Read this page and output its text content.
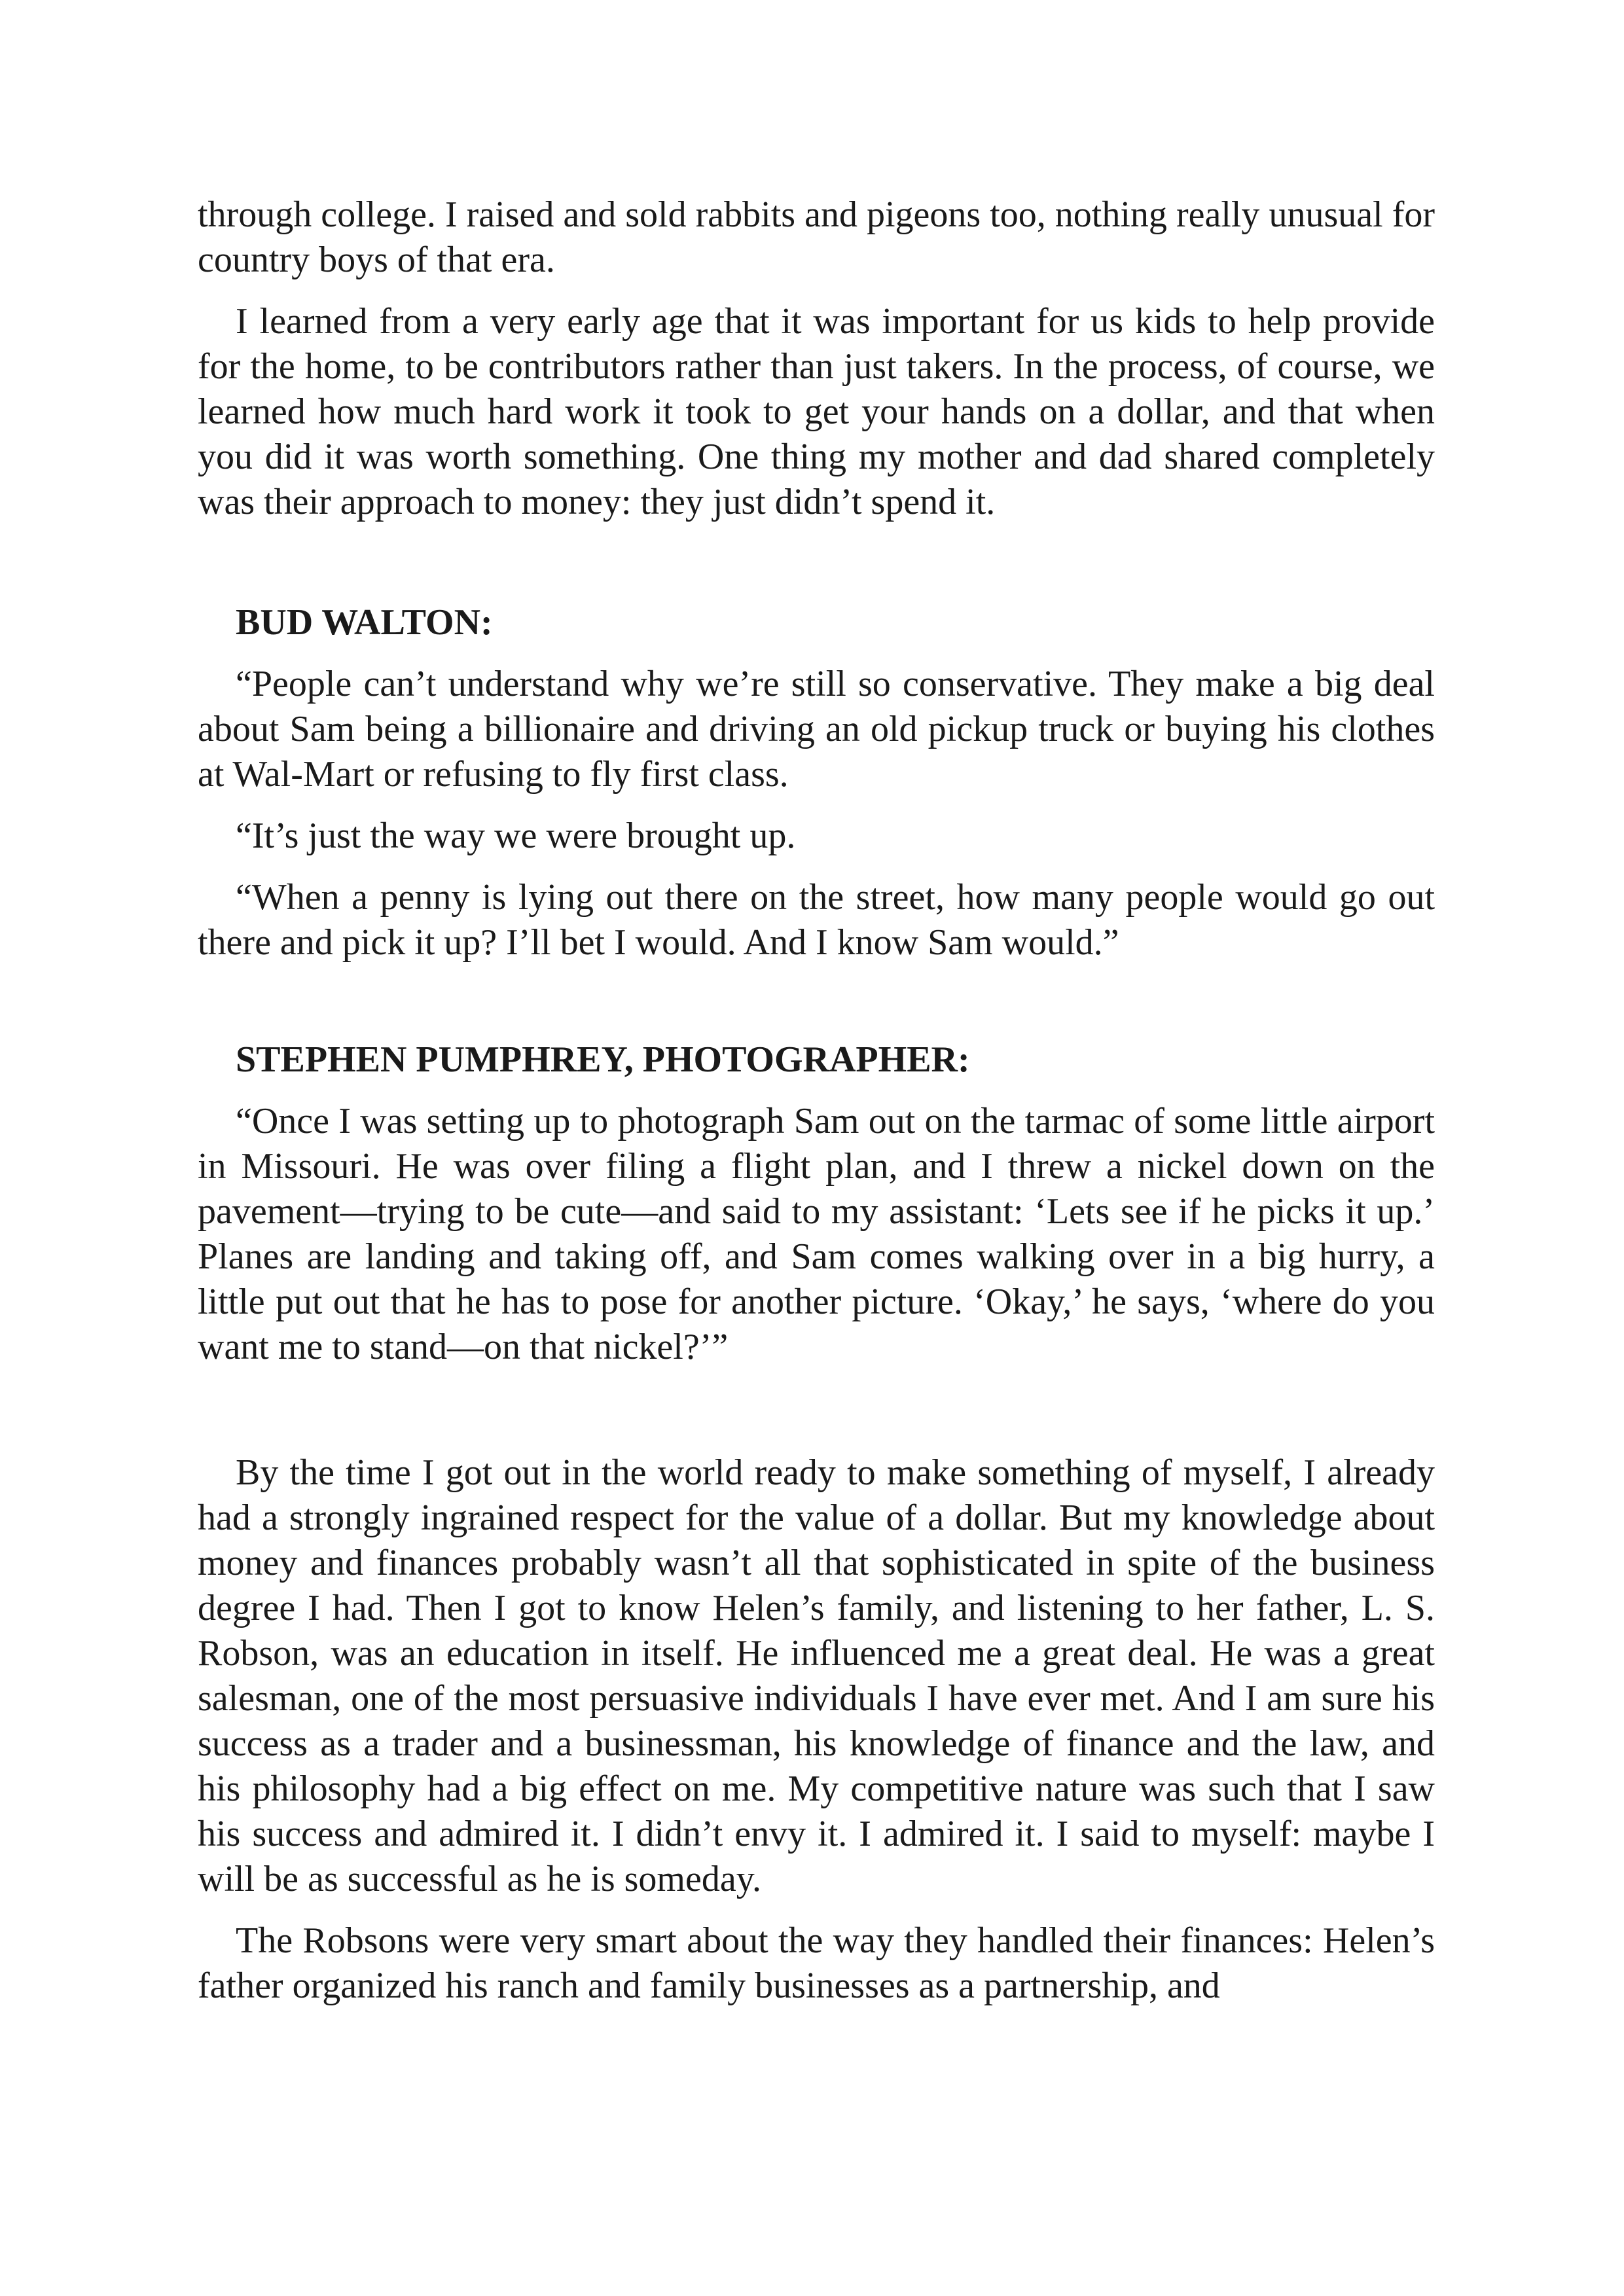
through college. I raised and sold rabbits and pigeons too, nothing really unusual for country boys of that era.

I learned from a very early age that it was important for us kids to help provide for the home, to be contributors rather than just takers. In the process, of course, we learned how much hard work it took to get your hands on a dollar, and that when you did it was worth something. One thing my mother and dad shared completely was their approach to money: they just didn’t spend it.

BUD WALTON:

“People can’t understand why we’re still so conservative. They make a big deal about Sam being a billionaire and driving an old pickup truck or buying his clothes at Wal-Mart or refusing to fly first class.

“It’s just the way we were brought up.

“When a penny is lying out there on the street, how many people would go out there and pick it up? I’ll bet I would. And I know Sam would.”

STEPHEN PUMPHREY, PHOTOGRAPHER:

“Once I was setting up to photograph Sam out on the tarmac of some little airport in Missouri. He was over filing a flight plan, and I threw a nickel down on the pavement—trying to be cute—and said to my assistant: ‘Lets see if he picks it up.’ Planes are landing and taking off, and Sam comes walking over in a big hurry, a little put out that he has to pose for another picture. ‘Okay,’ he says, ‘where do you want me to stand—on that nickel?’”

By the time I got out in the world ready to make something of myself, I already had a strongly ingrained respect for the value of a dollar. But my knowledge about money and finances probably wasn’t all that sophisticated in spite of the business degree I had. Then I got to know Helen’s family, and listening to her father, L. S. Robson, was an education in itself. He influenced me a great deal. He was a great salesman, one of the most persuasive individuals I have ever met. And I am sure his success as a trader and a businessman, his knowledge of finance and the law, and his philosophy had a big effect on me. My competitive nature was such that I saw his success and admired it. I didn’t envy it. I admired it. I said to myself: maybe I will be as successful as he is someday.

The Robsons were very smart about the way they handled their finances: Helen’s father organized his ranch and family businesses as a partnership, and
